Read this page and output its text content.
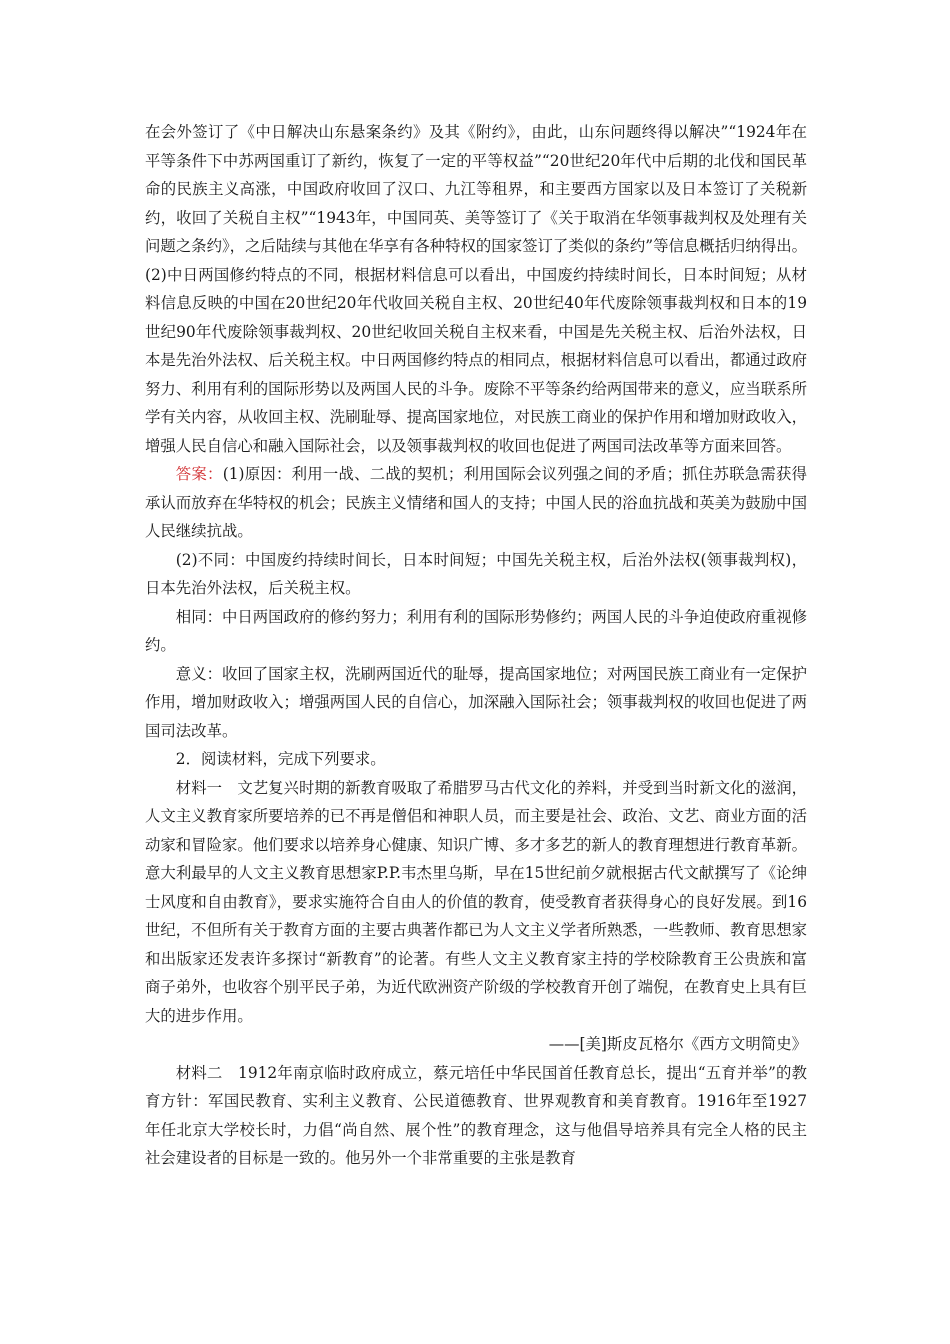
在会外签订了《中日解决山东悬案条约》及其《附约》，由此，山东问题终得以解决”“1924年在平等条件下中苏两国重订了新约，恢复了一定的平等权益”“20世纪20年代中后期的北伐和国民革命的民族主义高涨，中国政府收回了汉口、九江等租界，和主要西方国家以及日本签订了关税新约，收回了关税自主权”“1943年，中国同英、美等签订了《关于取消在华领事裁判权及处理有关问题之条约》，之后陆续与其他在华享有各种特权的国家签订了类似的条约”等信息概括归纳得出。(2)中日两国修约特点的不同，根据材料信息可以看出，中国废约持续时间长，日本时间短；从材料信息反映的中国在20世纪20年代收回关税自主权、20世纪40年代废除领事裁判权和日本的19世纪90年代废除领事裁判权、20世纪收回关税自主权来看，中国是先关税主权、后治外法权，日本是先治外法权、后关税主权。中日两国修约特点的相同点，根据材料信息可以看出，都通过政府努力、利用有利的国际形势以及两国人民的斗争。废除不平等条约给两国带来的意义，应当联系所学有关内容，从收回主权、洗刷耻辱、提高国家地位，对民族工商业的保护作用和增加财政收入，增强人民自信心和融入国际社会，以及领事裁判权的收回也促进了两国司法改革等方面来回答。

答案：(1)原因：利用一战、二战的契机；利用国际会议列强之间的矛盾；抓住苏联急需获得承认而放弃在华特权的机会；民族主义情绪和国人的支持；中国人民的浴血抗战和英美为鼓励中国人民继续抗战。

(2)不同：中国废约持续时间长，日本时间短；中国先关税主权，后治外法权(领事裁判权)，日本先治外法权，后关税主权。

相同：中日两国政府的修约努力；利用有利的国际形势修约；两国人民的斗争迫使政府重视修约。

意义：收回了国家主权，洗刷两国近代的耻辱，提高国家地位；对两国民族工商业有一定保护作用，增加财政收入；增强两国人民的自信心，加深融入国际社会；领事裁判权的收回也促进了两国司法改革。

2．阅读材料，完成下列要求。

材料一　文艺复兴时期的新教育吸取了希腊罗马古代文化的养料，并受到当时新文化的滋润，人文主义教育家所要培养的已不再是僧侣和神职人员，而主要是社会、政治、文艺、商业方面的活动家和冒险家。他们要求以培养身心健康、知识广博、多才多艺的新人的教育理想进行教育革新。意大利最早的人文主义教育思想家P.P.韦杰里乌斯，早在15世纪前夕就根据古代文献撰写了《论绅士风度和自由教育》，要求实施符合自由人的价值的教育，使受教育者获得身心的良好发展。到16世纪，不但所有关于教育方面的主要古典著作都已为人文主义学者所熟悉，一些教师、教育思想家和出版家还发表许多探讨“新教育”的论著。有些人文主义教育家主持的学校除教育王公贵族和富商子弟外，也收容个别平民子弟，为近代欧洲资产阶级的学校教育开创了端倪，在教育史上具有巨大的进步作用。

——[美]斯皮瓦格尔《西方文明简史》

材料二　1912年南京临时政府成立，蔡元培任中华民国首任教育总长，提出“五育并举”的教育方针：军国民教育、实利主义教育、公民道德教育、世界观教育和美育教育。1916年至1927年任北京大学校长时，力倡“尚自然、展个性”的教育理念，这与他倡导培养具有完全人格的民主社会建设者的目标是一致的。他另外一个非常重要的主张是教育
